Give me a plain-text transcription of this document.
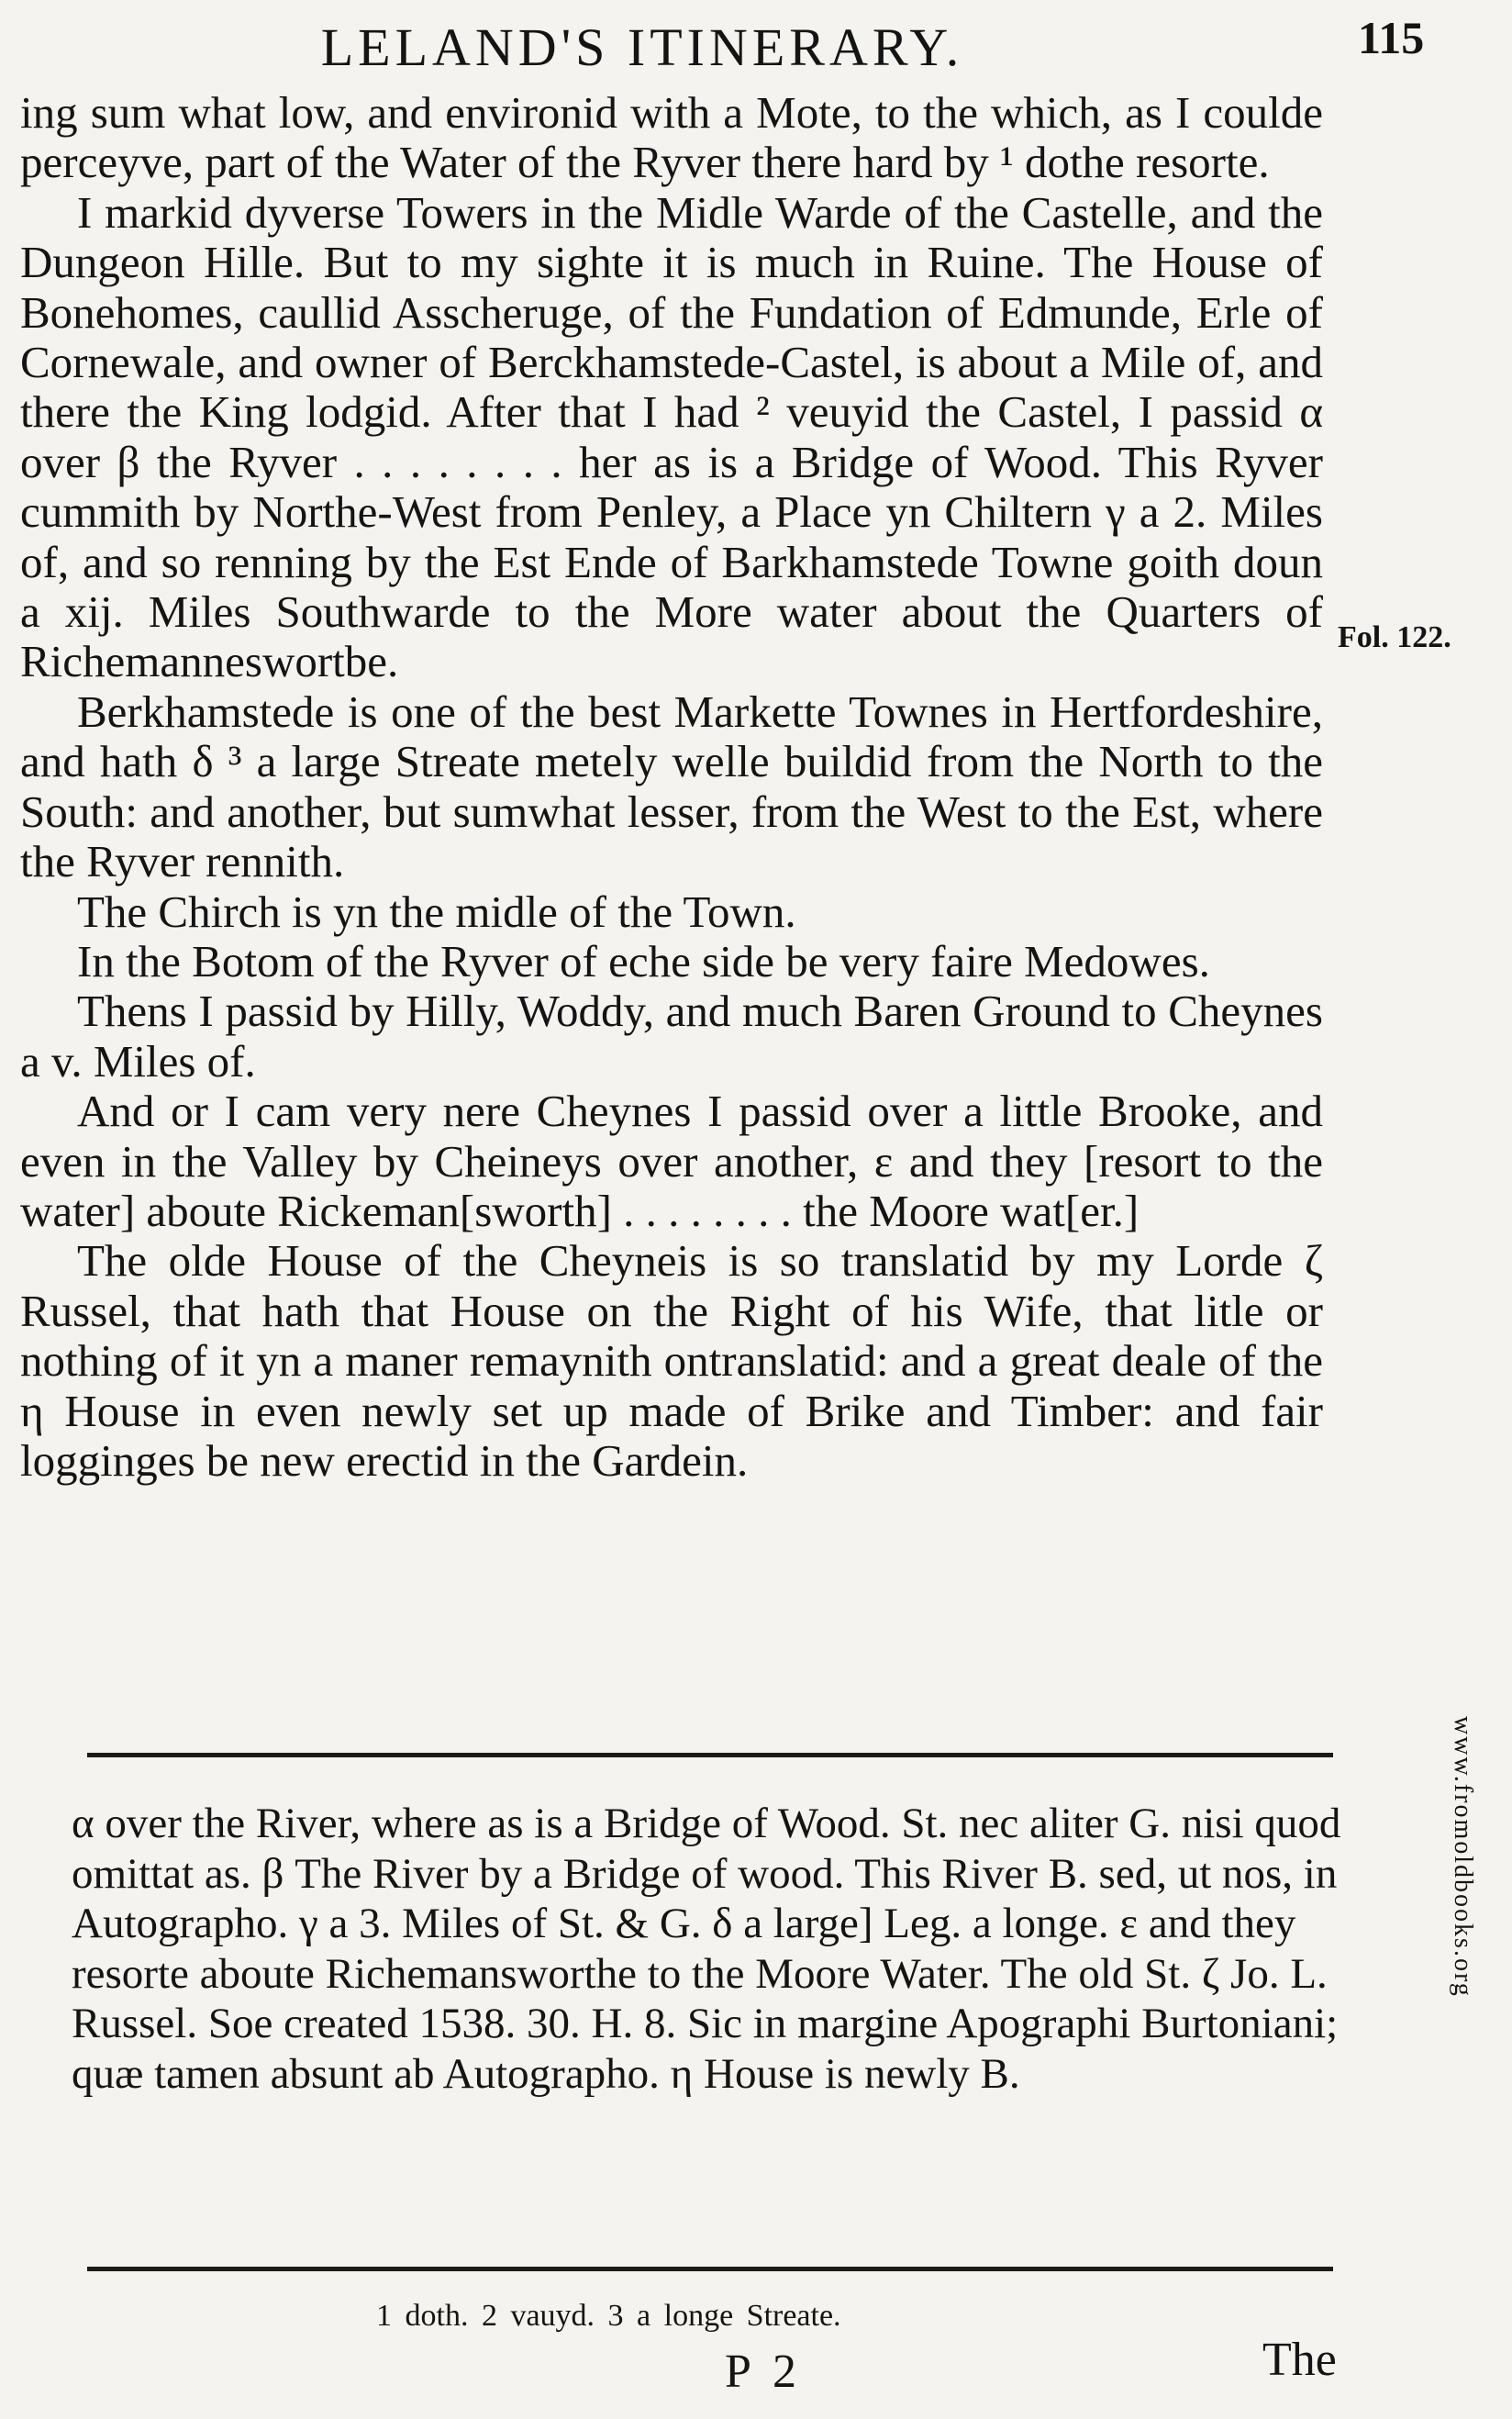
LELAND'S ITINERARY.	115

ing sum what low, and environid with a Mote, to the which, as I coulde perceyve, part of the Water of the Ryver there hard by ¹ dothe resorte.

I markid dyverse Towers in the Midle Warde of the Castelle, and the Dungeon Hille. But to my sighte it is much in Ruine. The House of Bonehomes, caullid Asscheruge, of the Fundation of Edmunde, Erle of Cornewale, and owner of Berckhamstede-Castel, is about a Mile of, and there the King lodgid. After that I had ² veuyid the Castel, I passid α over β the Ryver . . . . . . . . her as is a Bridge of Wood. This Ryver cummith by Northe-West from Penley, a Place yn Chiltern γ a 2. Miles of, and so renning by the Est Ende of Barkhamstede Towne goith doun a xij. Miles Southwarde to the More water about the Quarters of Richemanneswortbe.

Berkhamstede is one of the best Markette Townes in Hertfordeshire, and hath δ ³ a large Streate metely welle buildid from the North to the South: and another, but sumwhat lesser, from the West to the Est, where the Ryver rennith.

The Chirch is yn the midle of the Town.

In the Botom of the Ryver of eche side be very faire Medowes.

Thens I passid by Hilly, Woddy, and much Baren Ground to Cheynes a v. Miles of.

And or I cam very nere Cheynes I passid over a little Brooke, and even in the Valley by Cheineys over another, ε and they [resort to the water] aboute Rickeman[sworth] . . . . . . . . the Moore wat[er.]

The olde House of the Cheyneis is so translatid by my Lorde ζ Russel, that hath that House on the Right of his Wife, that litle or nothing of it yn a maner remaynith ontranslatid: and a great deale of the η House in even newly set up made of Brike and Timber: and fair logginges be new erectid in the Gardein.

Fol. 122.

α over the River, where as is a Bridge of Wood. St. nec aliter G. nisi quod omittat as. β The River by a Bridge of wood. This River B. sed, ut nos, in Autographo. γ a 3. Miles of St. & G. δ a large] Leg. a longe. ε and they resorte aboute Richemansworthe to the Moore Water. The old St. ζ Jo. L. Russel. Soe created 1538. 30. H. 8. Sic in margine Apographi Burtoniani; quæ tamen absunt ab Autographo. η House is newly B.

1 doth. 2 vauyd. 3 a longe Streate.
P 2	The
www.fromoldbooks.org
